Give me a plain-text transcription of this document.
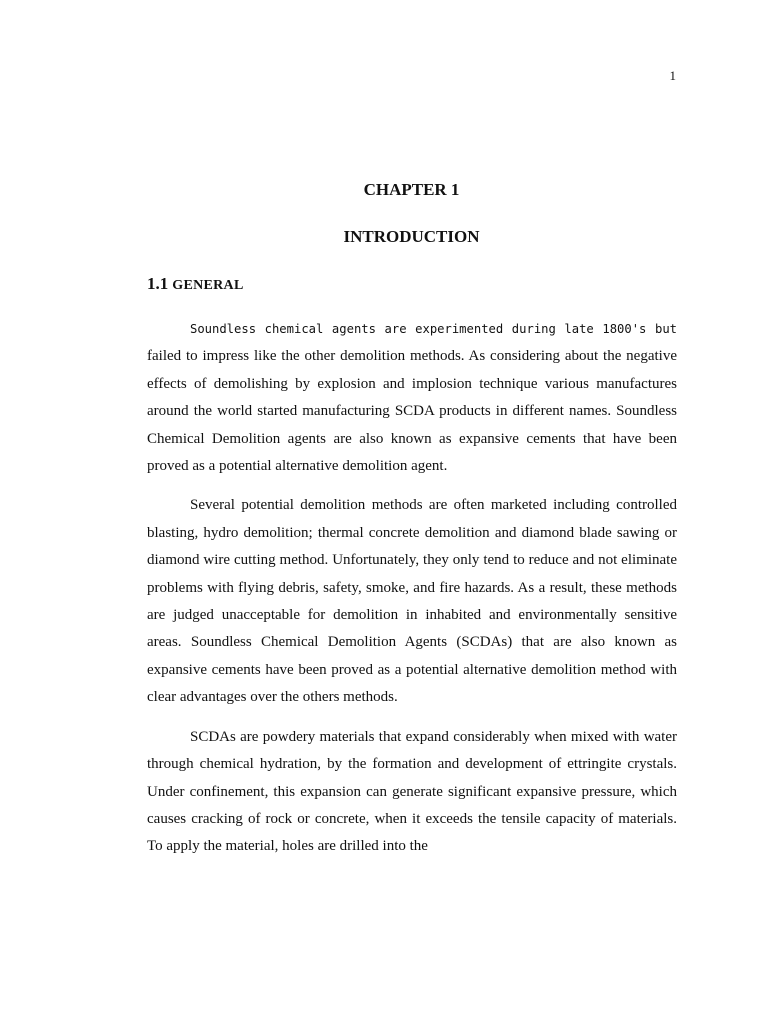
1
CHAPTER 1
INTRODUCTION
1.1 GENERAL

Soundless chemical agents are experimented during late 1800's but failed to impress like the other demolition methods. As considering about the negative effects of demolishing by explosion and implosion technique various manufactures around the world started manufacturing SCDA products in different names. Soundless Chemical Demolition agents are also known as expansive cements that have been proved as a potential alternative demolition agent.

Several potential demolition methods are often marketed including controlled blasting, hydro demolition; thermal concrete demolition and diamond blade sawing or diamond wire cutting method. Unfortunately, they only tend to reduce and not eliminate problems with flying debris, safety, smoke, and fire hazards. As a result, these methods are judged unacceptable for demolition in inhabited and environmentally sensitive areas. Soundless Chemical Demolition Agents (SCDAs) that are also known as expansive cements have been proved as a potential alternative demolition method with clear advantages over the others methods.

SCDAs are powdery materials that expand considerably when mixed with water through chemical hydration, by the formation and development of ettringite crystals. Under confinement, this expansion can generate significant expansive pressure, which causes cracking of rock or concrete, when it exceeds the tensile capacity of materials. To apply the material, holes are drilled into the
